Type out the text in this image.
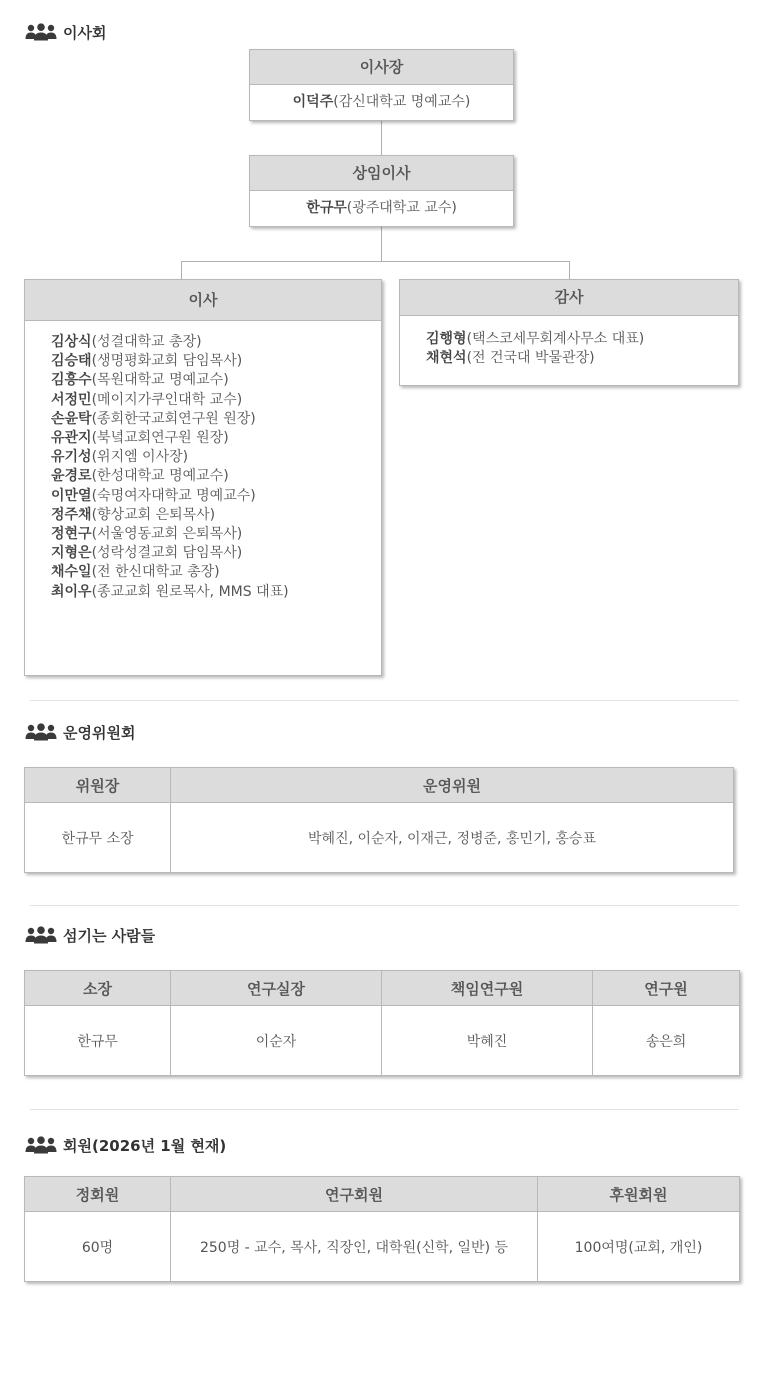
이사회
이사장
이덕주(감신대학교 명예교수)
상임이사
한규무(광주대학교 교수)
이사
김상식(성결대학교 총장)
김승태(생명평화교회 담임목사)
김흥수(목원대학교 명예교수)
서정민(메이지가쿠인대학 교수)
손윤탁(종회한국교회연구원 원장)
유관지(북녘교회연구원 원장)
유기성(위지엠 이사장)
윤경로(한성대학교 명예교수)
이만열(숙명여자대학교 명예교수)
정주채(향상교회 은퇴목사)
정현구(서울영동교회 은퇴목사)
지형은(성락성결교회 담임목사)
채수일(전 한신대학교 총장)
최이우(종교교회 원로목사, MMS 대표)
감사
김행형(택스코세무회계사무소 대표)
채현석(전 건국대 박물관장)
운영위원회
위원장	운영위원
한규무 소장	박혜진, 이순자, 이재근, 정병준, 홍민기, 홍승표
섬기는 사람들
소장	연구실장	책임연구원	연구원
한규무	이순자	박혜진	송은희
회원(2026년 1월 현재)
정회원	연구회원	후원회원
60명	250명 - 교수, 목사, 직장인, 대학원(신학, 일반) 등	100여명(교회, 개인)
